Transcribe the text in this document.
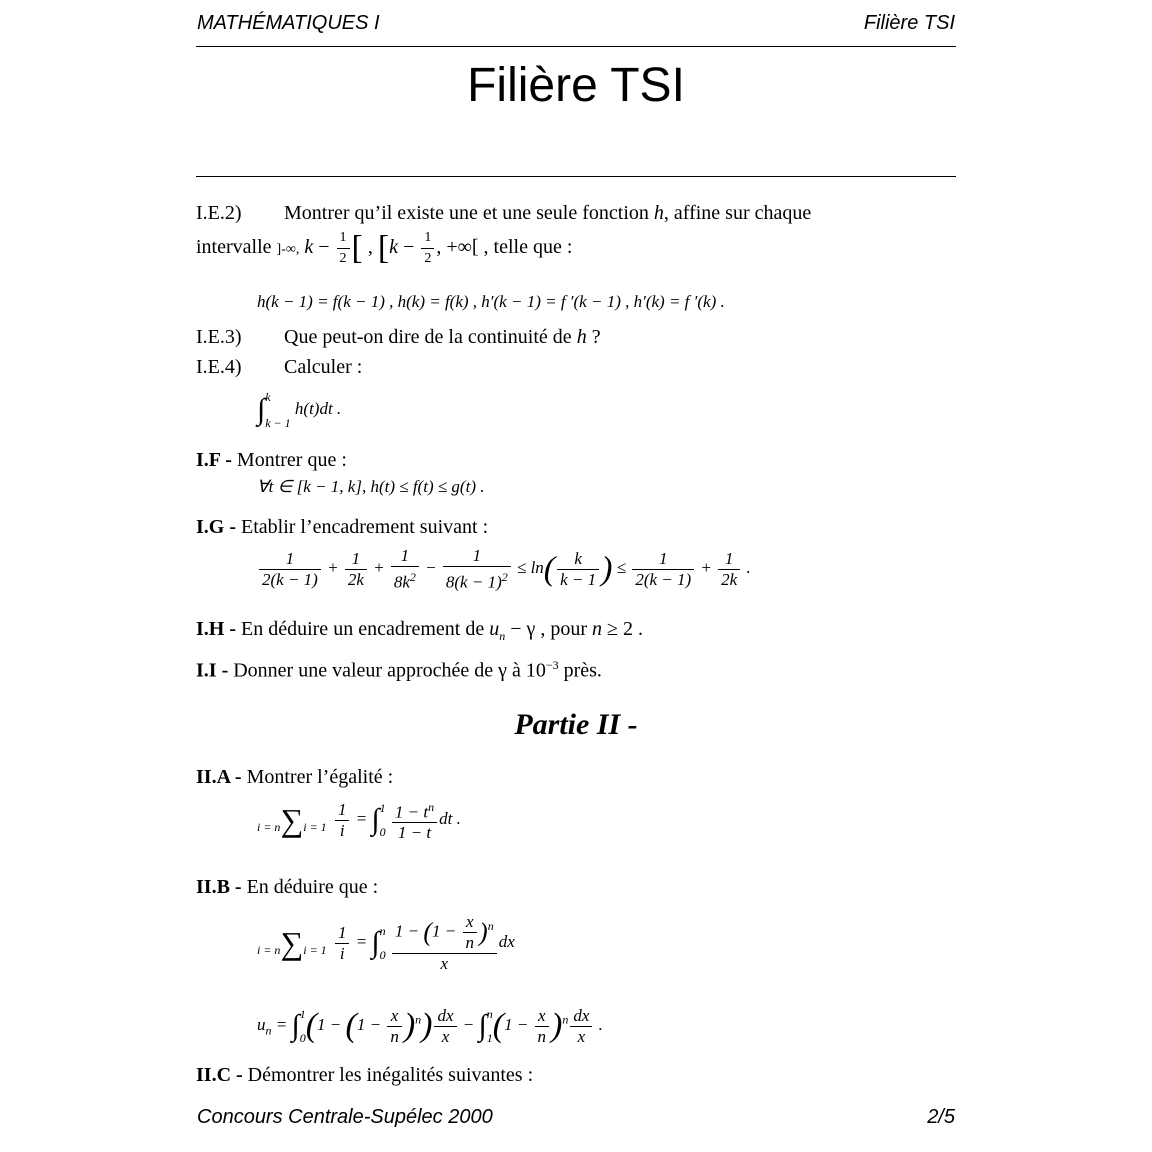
MATHÉMATIQUES I	Filière TSI
Filière TSI
I.E.2) Montrer qu’il existe une et une seule fonction h, affine sur chaque
intervalle ]-∞, $k - \frac{1}{2}$ [ , [$k - \frac{1}{2}$ , +∞[ , telle que :
h(k − 1) = f(k − 1) , h(k) = f(k) , h′(k − 1) = f ′(k − 1) , h′(k) = f ′(k) .
I.E.3) Que peut-on dire de la continuité de h ?
I.E.4) Calculer :
∫k
k − 1 h(t)dt .
I.F - Montrer que :
∀t ∈ [k − 1, k], h(t) ≤ f(t) ≤ g(t) .
I.G - Etablir l’encadrement suivant :
$\frac{1}{2(k - 1)} + \frac{1}{2k} + \frac{1}{8k^2} - \frac{1}{8(k - 1)^2} \le \ln( \frac{k}{k - 1}$ ) ≤ $\frac{1}{2(k - 1)} + \frac{1}{2k}$ .
I.H - En déduire un encadrement de $u_n - \gamma$ , pour n ≥ 2 .
I.I - Donner une valeur approchée de γ à $10^{-3}$ près.
Partie II -
II.A - Montrer l’égalité :
$i = n\sum i = 1 \frac{1}{i} = \int 1$
$0 \frac{1 - t^n}{1 - t}$ dt .
II.B - En déduire que :
$i = n\sum i = 1 \frac{1}{i} = \int n$
$0 \frac{1 - (1 - \frac{x}{n} )^n}{x}$ dx
$u_n = \int 1$
$0(1 - (1 - \frac{x}{n} )^n) \frac{dx}{x} - \int n$
$1(1 - \frac{x}{n} )^n \frac{dx}{x}$ .
II.C - Démontrer les inégalités suivantes :
Concours Centrale-Supélec 2000	2/5
